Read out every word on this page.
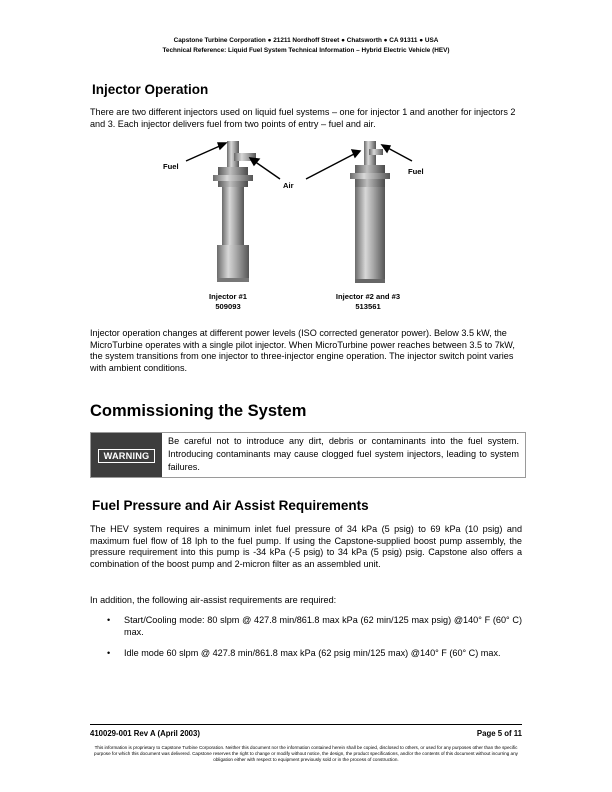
Capstone Turbine Corporation ● 21211 Nordhoff Street ● Chatsworth ● CA 91311 ● USA
Technical Reference: Liquid Fuel System Technical Information – Hybrid Electric Vehicle (HEV)
Injector Operation

There are two different injectors used on liquid fuel systems – one for injector 1 and another for injectors 2 and 3. Each injector delivers fuel from two points of entry – fuel and air.

Fuel
Air
Fuel
Injector #1
509093
Injector #2 and #3
513561

Injector operation changes at different power levels (ISO corrected generator power). Below 3.5 kW, the MicroTurbine operates with a single pilot injector. When MicroTurbine power reaches between 3.5 to 7kW, the system transitions from one injector to three-injector engine operation. The injector switch point varies with ambient conditions.

Commissioning the System
WARNING
Be careful not to introduce any dirt, debris or contaminants into the fuel system. Introducing contaminants may cause clogged fuel system injectors, leading to system failures.
Fuel Pressure and Air Assist Requirements

The HEV system requires a minimum inlet fuel pressure of 34 kPa (5 psig) to 69 kPa (10 psig) and maximum fuel flow of 18 lph to the fuel pump. If using the Capstone-supplied boost pump assembly, the pressure requirement into this pump is -34 kPa (-5 psig) to 34 kPa (5 psig) psig. Capstone also offers a combination of the boost pump and 2-micron filter as an assembled unit.

In addition, the following air-assist requirements are required:

• Start/Cooling mode: 80 slpm @ 427.8 min/861.8 max kPa (62 min/125 max psig) @140° F (60° C) max.
• Idle mode 60 slpm @ 427.8 min/861.8 max kPa (62 psig min/125 max) @140° F (60° C) max.
410029-001 Rev A (April 2003)	Page 5 of 11
This information is proprietary to Capstone Turbine Corporation. Neither this document nor the information contained herein shall be copied, disclosed to others, or used for any purposes other than the specific purpose for which this document was delivered. Capstone reserves the right to change or modify without notice, the design, the product specifications, and/or the contents of this document without incurring any obligation either with respect to equipment previously sold or in the process of construction.
